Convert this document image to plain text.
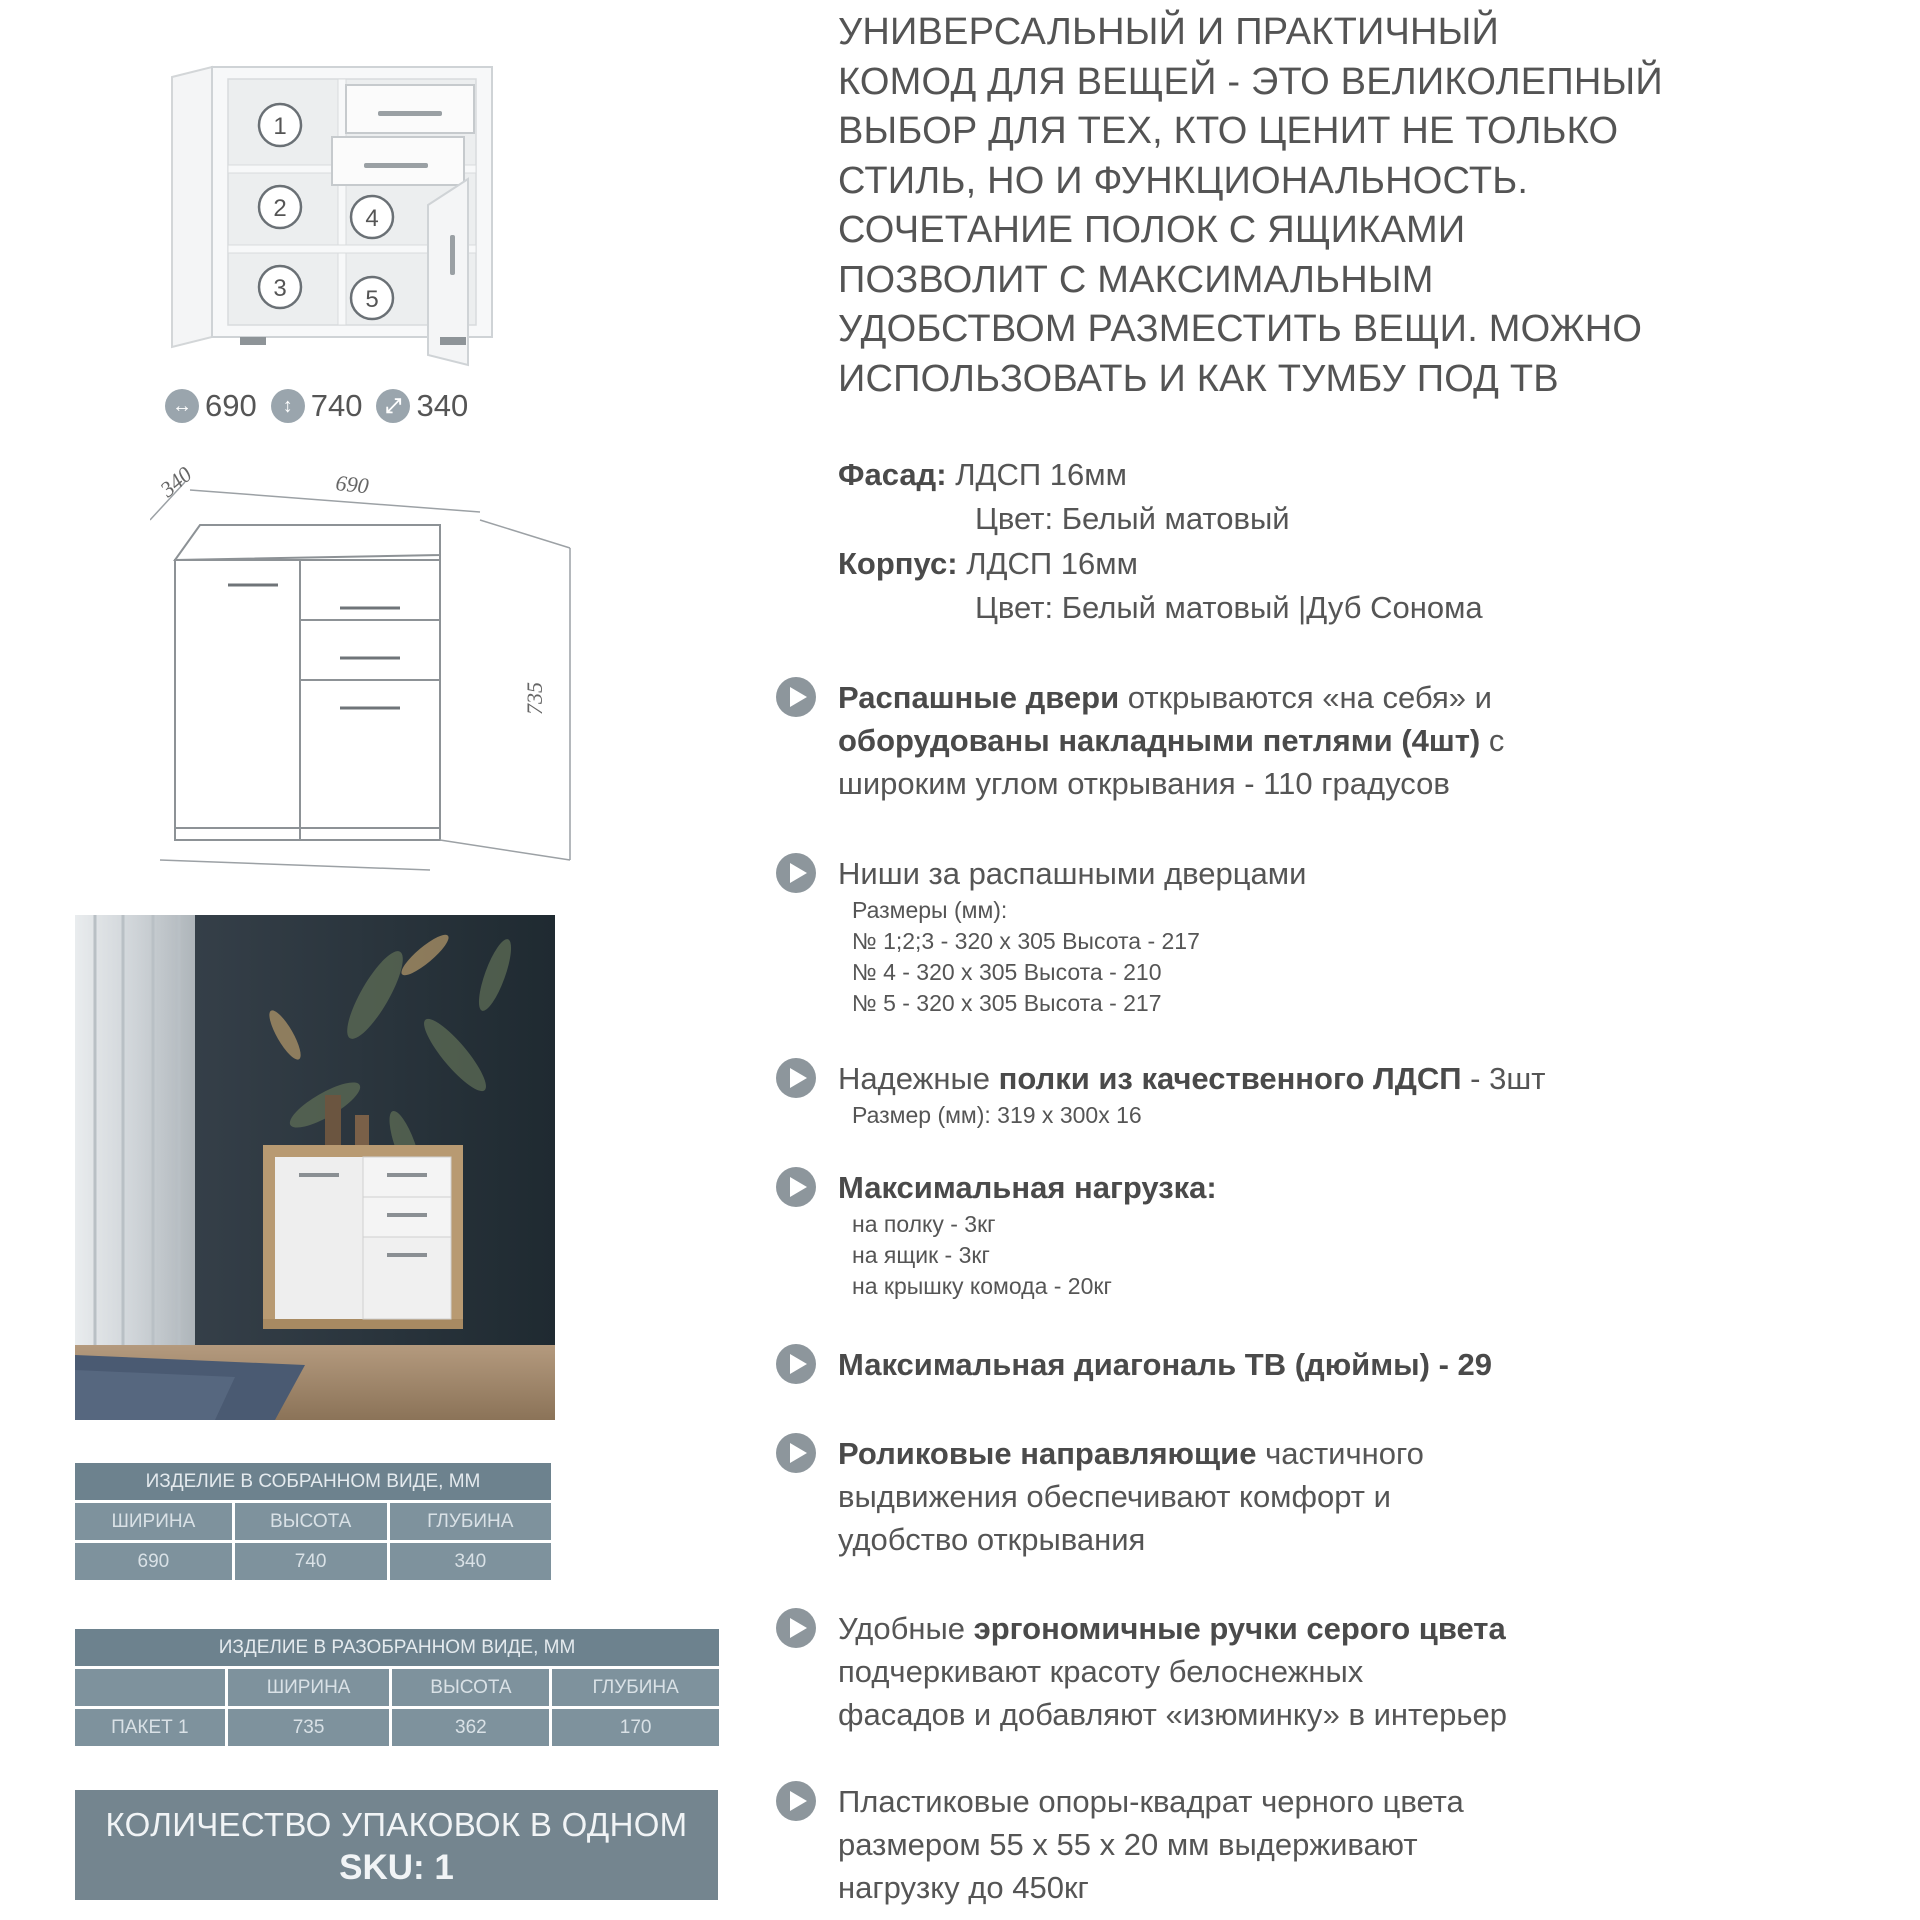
1
2
3
4
5
↔ 690	↕ 740	⤢ 340
340	690
735
ИЗДЕЛИЕ В СОБРАННОМ ВИДЕ, ММ		
ШИРИНА	ВЫСОТА	ГЛУБИНА
690	740	340
ИЗДЕЛИЕ В РАЗОБРАННОМ ВИДЕ, ММ			
	ШИРИНА	ВЫСОТА	ГЛУБИНА
ПАКЕТ 1	735	362	170
КОЛИЧЕСТВО УПАКОВОК В ОДНОМ
SKU: 1
УНИВЕРСАЛЬНЫЙ И ПРАКТИЧНЫЙ
КОМОД ДЛЯ ВЕЩЕЙ - ЭТО ВЕЛИКОЛЕПНЫЙ
ВЫБОР ДЛЯ ТЕХ, КТО ЦЕНИТ НЕ ТОЛЬКО
СТИЛЬ, НО И ФУНКЦИОНАЛЬНОСТЬ.
СОЧЕТАНИЕ ПОЛОК С ЯЩИКАМИ
ПОЗВОЛИТ С МАКСИМАЛЬНЫМ
УДОБСТВОМ РАЗМЕСТИТЬ ВЕЩИ. МОЖНО
ИСПОЛЬЗОВАТЬ И КАК ТУМБУ ПОД ТВ
Фасад: ЛДСП 16мм
Цвет: Белый матовый
Корпус: ЛДСП 16мм
Цвет: Белый матовый |Дуб Сонома
Распашные двери открываются «на себя» и
оборудованы накладными петлями (4шт) с
широким углом открывания - 110 градусов
Ниши за распашными дверцами
Размеры (мм):
№ 1;2;3 - 320 x 305 Высота - 217
№ 4 - 320 x 305 Высота - 210
№ 5 - 320 x 305 Высота - 217
Надежные полки из качественного ЛДСП - 3шт
Размер (мм): 319 x 300x 16
Максимальная нагрузка:
на полку - 3кг
на ящик - 3кг
на крышку комода - 20кг
Максимальная диагональ ТВ (дюймы) - 29
Роликовые направляющие частичного
выдвижения обеспечивают комфорт и
удобство открывания
Удобные эргономичные ручки серого цвета
подчеркивают красоту белоснежных
фасадов и добавляют «изюминку» в интерьер
Пластиковые опоры-квадрат черного цвета
размером 55 x 55 x 20 мм выдерживают
нагрузку до 450кг
